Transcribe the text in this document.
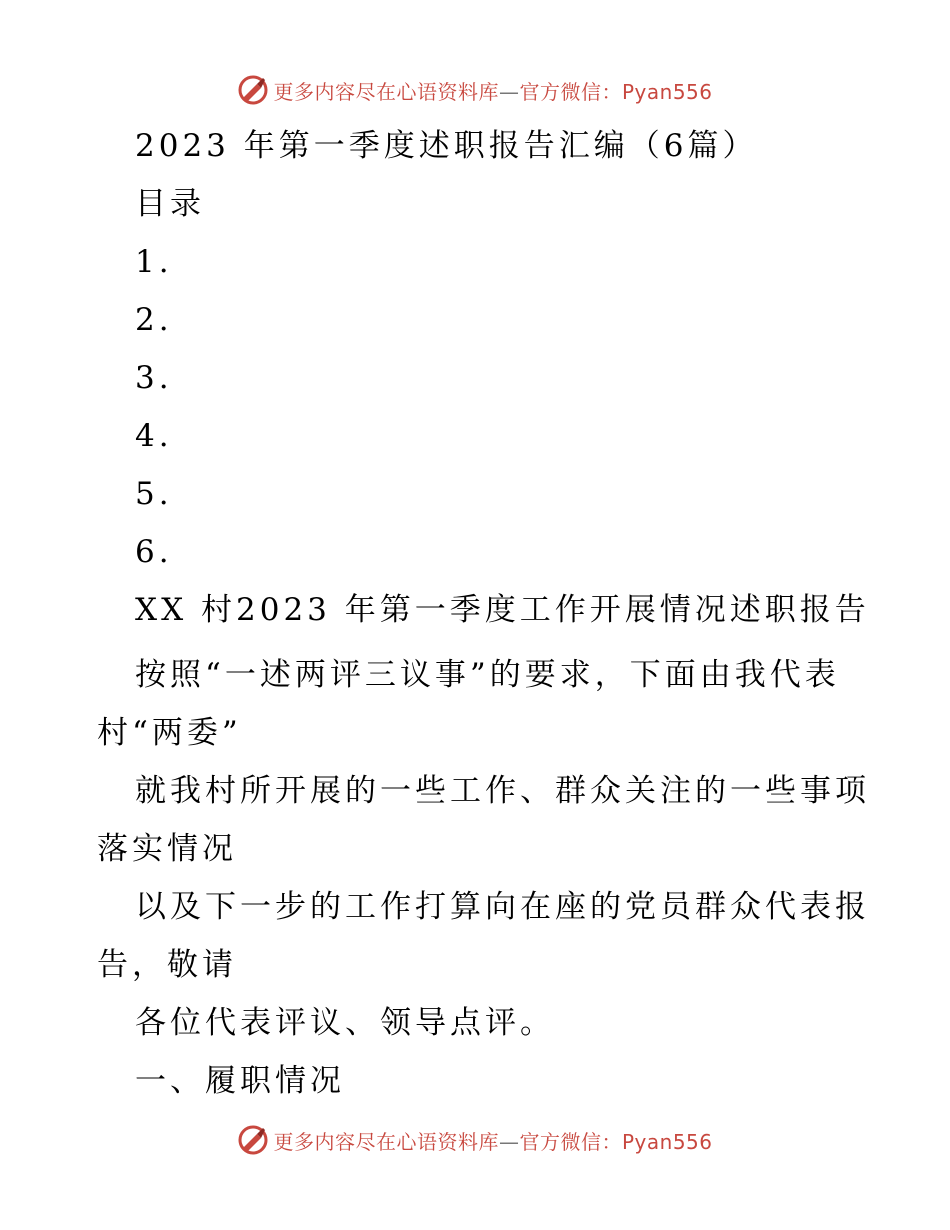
更多内容尽在心语资料库—官方微信：Pyan556
2023 年第一季度述职报告汇编（6篇）
目录
1.
2.
3.
4.
5.
6.
XX 村2023 年第一季度工作开展情况述职报告
按照“一述两评三议事”的要求，下面由我代表
村“两委”
就我村所开展的一些工作、群众关注的一些事项
落实情况
以及下一步的工作打算向在座的党员群众代表报
告，敬请
各位代表评议、领导点评。
一、履职情况
更多内容尽在心语资料库—官方微信：Pyan556
